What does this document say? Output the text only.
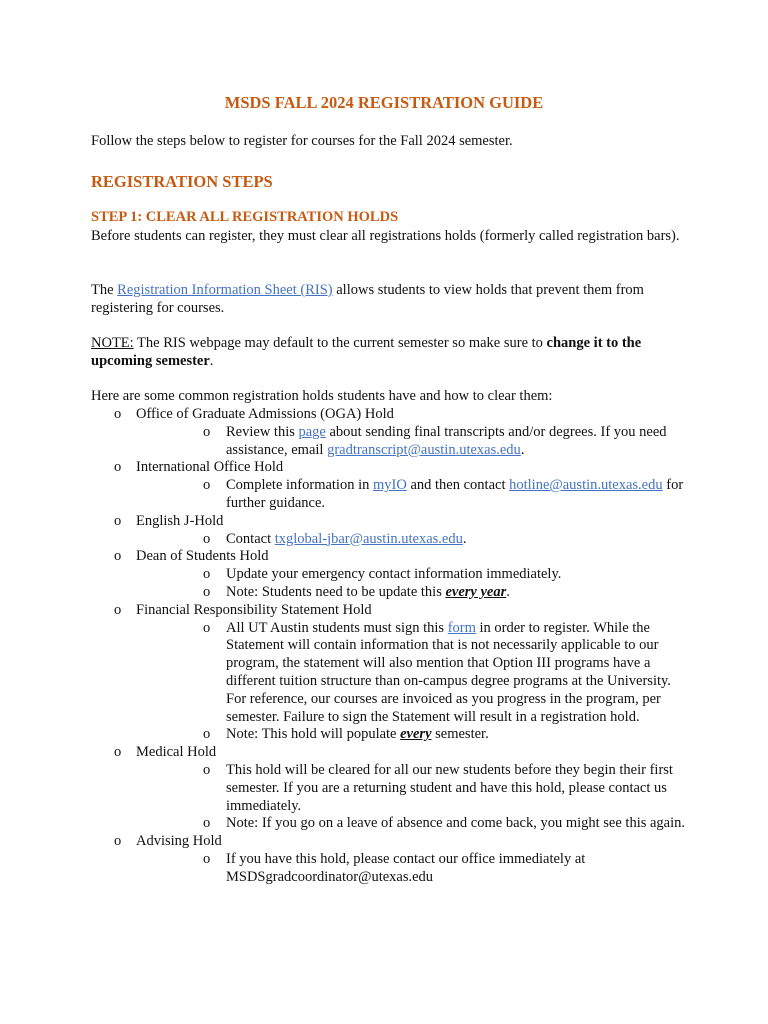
MSDS FALL 2024 REGISTRATION GUIDE

Follow the steps below to register for courses for the Fall 2024 semester.

REGISTRATION STEPS
STEP 1: CLEAR ALL REGISTRATION HOLDS

Before students can register, they must clear all registrations holds (formerly called registration bars).

The Registration Information Sheet (RIS) allows students to view holds that prevent them from registering for courses.

NOTE: The RIS webpage may default to the current semester so make sure to change it to the upcoming semester.

Here are some common registration holds students have and how to clear them:

o Office of Graduate Admissions (OGA) Hold
o Review this page about sending final transcripts and/or degrees. If you need assistance, email gradtranscript@austin.utexas.edu.
o International Office Hold
o Complete information in myIO and then contact hotline@austin.utexas.edu for further guidance.
o English J-Hold
o Contact txglobal-jbar@austin.utexas.edu.
o Dean of Students Hold
o Update your emergency contact information immediately.
o Note: Students need to be update this every year.
o Financial Responsibility Statement Hold
o All UT Austin students must sign this form in order to register. While the Statement will contain information that is not necessarily applicable to our program, the statement will also mention that Option III programs have a different tuition structure than on-campus degree programs at the University. For reference, our courses are invoiced as you progress in the program, per semester. Failure to sign the Statement will result in a registration hold.
o Note: This hold will populate every semester.
o Medical Hold
o This hold will be cleared for all our new students before they begin their first semester. If you are a returning student and have this hold, please contact us immediately.
o Note: If you go on a leave of absence and come back, you might see this again.
o Advising Hold
o If you have this hold, please contact our office immediately at MSDSgradcoordinator@utexas.edu
